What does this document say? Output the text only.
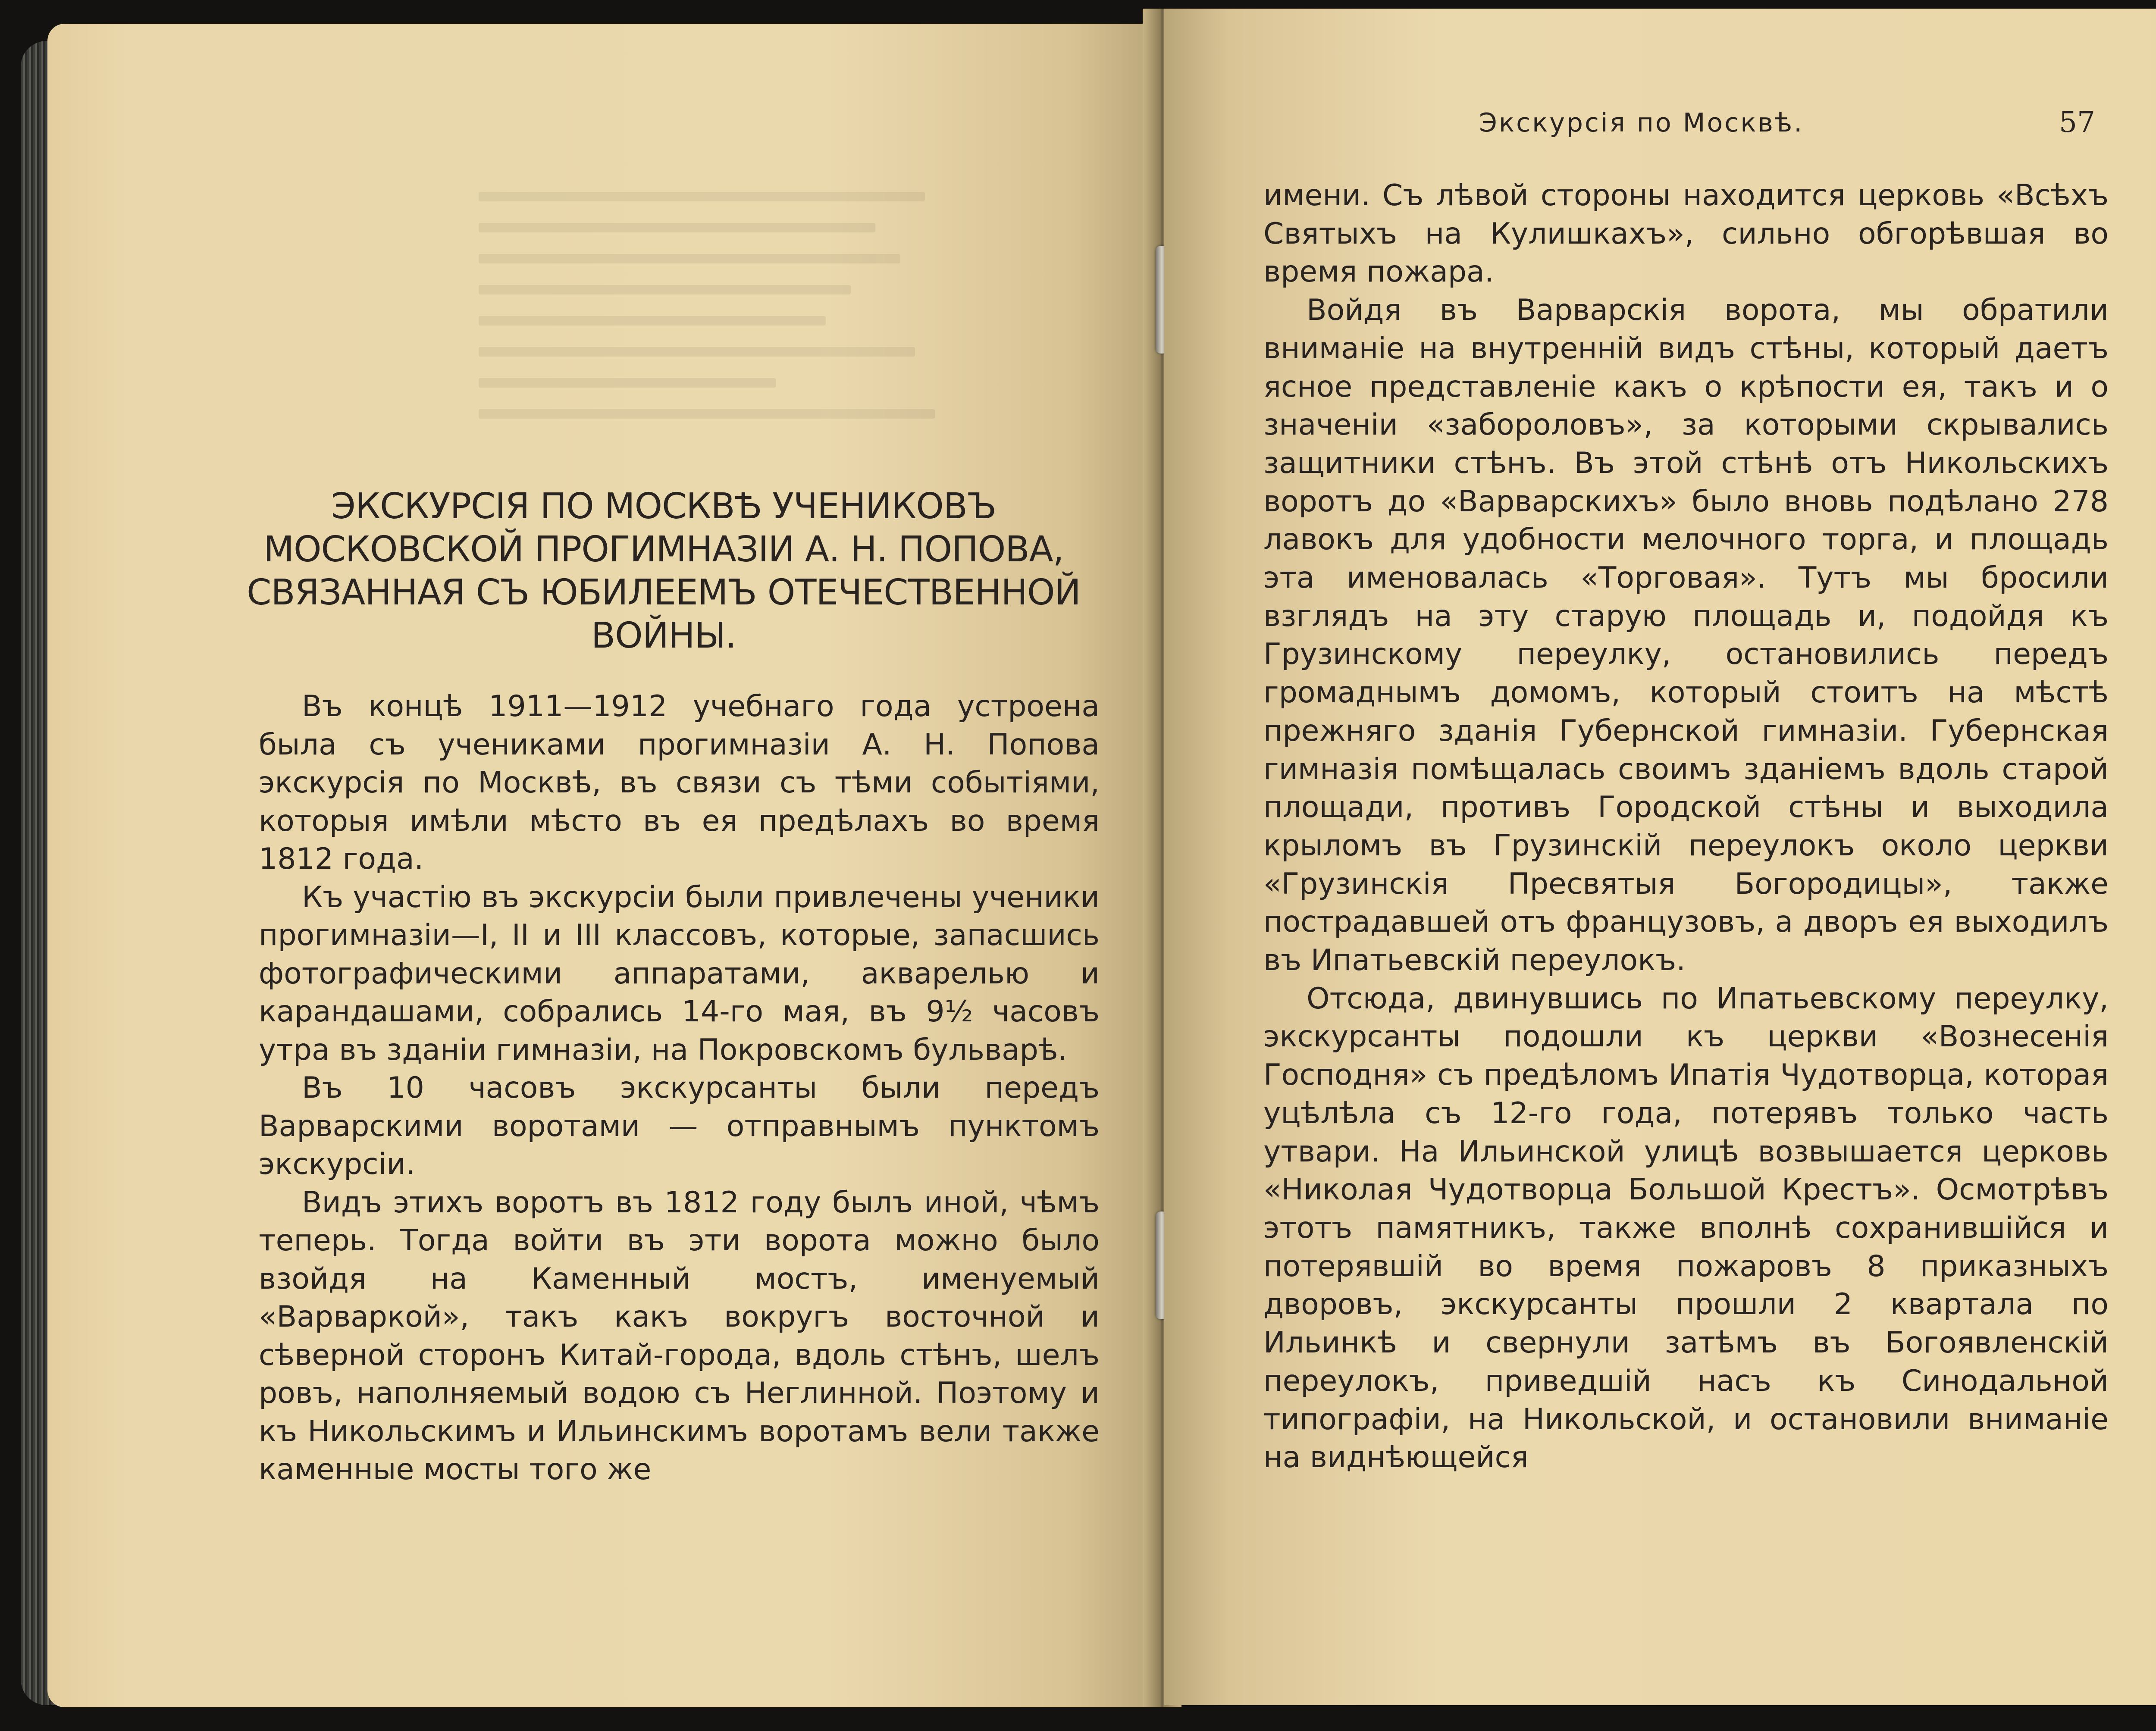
ЭКСКУРСІЯ ПО МОСКВѢ УЧЕНИКОВЪ МОСКОВСКОЙ ПРОГИМНАЗІИ А. Н. ПОПОВА, СВЯЗАННАЯ СЪ ЮБИЛЕЕМЪ ОТЕЧЕСТВЕННОЙ ВОЙНЫ.

Въ концѣ 1911—1912 учебнаго года устроена была съ учениками прогимназіи А. Н. Попова экскурсія по Москвѣ, въ связи съ тѣми событіями, которыя имѣли мѣсто въ ея предѣлахъ во время 1812 года.

Къ участію въ экскурсіи были привлечены ученики прогимназіи—I, II и III классовъ, которые, запасшись фотографическими аппаратами, акварелью и карандашами, собрались 14-го мая, въ 9½ часовъ утра въ зданіи гимназіи, на Покровскомъ бульварѣ.

Въ 10 часовъ экскурсанты были передъ Варварскими воротами — отправнымъ пунктомъ экскурсіи.

Видъ этихъ воротъ въ 1812 году былъ иной, чѣмъ теперь. Тогда войти въ эти ворота можно было взойдя на Каменный мостъ, именуемый «Варваркой», такъ какъ вокругъ восточной и сѣверной сторонъ Китай-города, вдоль стѣнъ, шелъ ровъ, наполняемый водою съ Неглинной. Поэтому и къ Никольскимъ и Ильинскимъ воротамъ вели также каменные мосты того же

Экскурсія по Москвѣ.	57

имени. Съ лѣвой стороны находится церковь «Всѣхъ Святыхъ на Кулишкахъ», сильно обгорѣвшая во время пожара.

Войдя въ Варварскія ворота, мы обратили вниманіе на внутренній видъ стѣны, который даетъ ясное представленіе какъ о крѣпости ея, такъ и о значеніи «забороловъ», за которыми скрывались защитники стѣнъ. Въ этой стѣнѣ отъ Никольскихъ воротъ до «Варварскихъ» было вновь подѣлано 278 лавокъ для удобности мелочного торга, и площадь эта именовалась «Торговая». Тутъ мы бросили взглядъ на эту старую площадь и, подойдя къ Грузинскому переулку, остановились передъ громаднымъ домомъ, который стоитъ на мѣстѣ прежняго зданія Губернской гимназіи. Губернская гимназія помѣщалась своимъ зданіемъ вдоль старой площади, противъ Городской стѣны и выходила крыломъ въ Грузинскій переулокъ около церкви «Грузинскія Пресвятыя Богородицы», также пострадавшей отъ французовъ, а дворъ ея выходилъ въ Ипатьевскій переулокъ.

Отсюда, двинувшись по Ипатьевскому переулку, экскурсанты подошли къ церкви «Вознесенія Господня» съ предѣломъ Ипатія Чудотворца, которая уцѣлѣла съ 12-го года, потерявъ только часть утвари. На Ильинской улицѣ возвышается церковь «Николая Чудотворца Большой Крестъ». Осмотрѣвъ этотъ памятникъ, также вполнѣ сохранившійся и потерявшій во время пожаровъ 8 приказныхъ дворовъ, экскурсанты прошли 2 квартала по Ильинкѣ и свернули затѣмъ въ Богоявленскій переулокъ, приведшій насъ къ Синодальной типографіи, на Никольской, и остановили вниманіе на виднѣющейся
